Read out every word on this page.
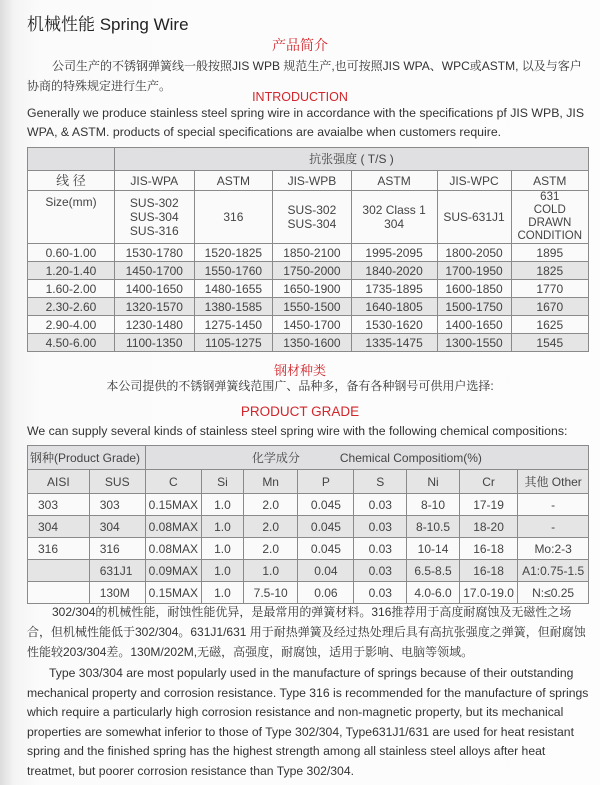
机械性能 Spring Wire
产品简介
公司生产的不锈钢弹簧线一般按照JIS WPB 规范生产,也可按照JIS WPA、WPC或ASTM, 以及与客户协商的特殊规定进行生产。
INTRODUCTION
Generally we produce stainless steel spring wire in accordance with the specifications pf JIS WPB, JIS WPA, & ASTM. products of special specifications are avaialbe when customers require.
	抗张强度 ( T/S )					
线 径	JIS-WPA	ASTM	JIS-WPB	ASTM	JIS-WPC	ASTM
Size(mm)	SUS-302
SUS-304
SUS-316	316	SUS-302
SUS-304	302 Class 1
304	SUS-631J1	631
COLD
DRAWN
CONDITION
0.60-1.00	1530-1780	1520-1825	1850-2100	1995-2095	1800-2050	1895
1.20-1.40	1450-1700	1550-1760	1750-2000	1840-2020	1700-1950	1825
1.60-2.00	1400-1650	1480-1655	1650-1900	1735-1895	1600-1850	1770
2.30-2.60	1320-1570	1380-1585	1550-1500	1640-1805	1500-1750	1670
2.90-4.00	1230-1480	1275-1450	1450-1700	1530-1620	1400-1650	1625
4.50-6.00	1100-1350	1105-1275	1350-1600	1335-1475	1300-1550	1545
钢材种类
本公司提供的不锈钢弹簧线范围广、品种多，备有各种钢号可供用户选择:
PRODUCT GRADE
We can supply several kinds of stainless steel spring wire with the following chemical compositions:
钢种(Product Grade)		化学成分 Chemical Compositiom(%)							
AISI	SUS	C	Si	Mn	P	S	Ni	Cr	其他 Other
303	303	0.15MAX	1.0	2.0	0.045	0.03	8-10	17-19	-
304	304	0.08MAX	1.0	2.0	0.045	0.03	8-10.5	18-20	-
316	316	0.08MAX	1.0	2.0	0.045	0.03	10-14	16-18	Mo:2-3
	631J1	0.09MAX	1.0	1.0	0.04	0.03	6.5-8.5	16-18	A1:0.75-1.5
	130M	0.15MAX	1.0	7.5-10	0.06	0.03	4.0-6.0	17.0-19.0	N:≤0.25
302/304的机械性能，耐蚀性能优异，是最常用的弹簧材料。316推荐用于高度耐腐蚀及无磁性之场合，但机械性能低于302/304。631J1/631 用于耐热弹簧及经过热处理后具有高抗张强度之弹簧，但耐腐蚀性能较203/304差。130M/202M,无磁，高强度，耐腐蚀，适用于影响、电脑等领域。
Type 303/304 are most popularly used in the manufacture of springs because of their outstanding mechanical property and corrosion resistance. Type 316 is recommended for the manufacture of springs which require a particularly high corrosion resistance and non-magnetic property, but its mechanical properties are somewhat inferior to those of Type 302/304, Type631J1/631 are used for heat resistant spring and the finished spring has the highest strength among all stainless steel alloys after heat treatmet, but poorer corrosion resistance than Type 302/304.
